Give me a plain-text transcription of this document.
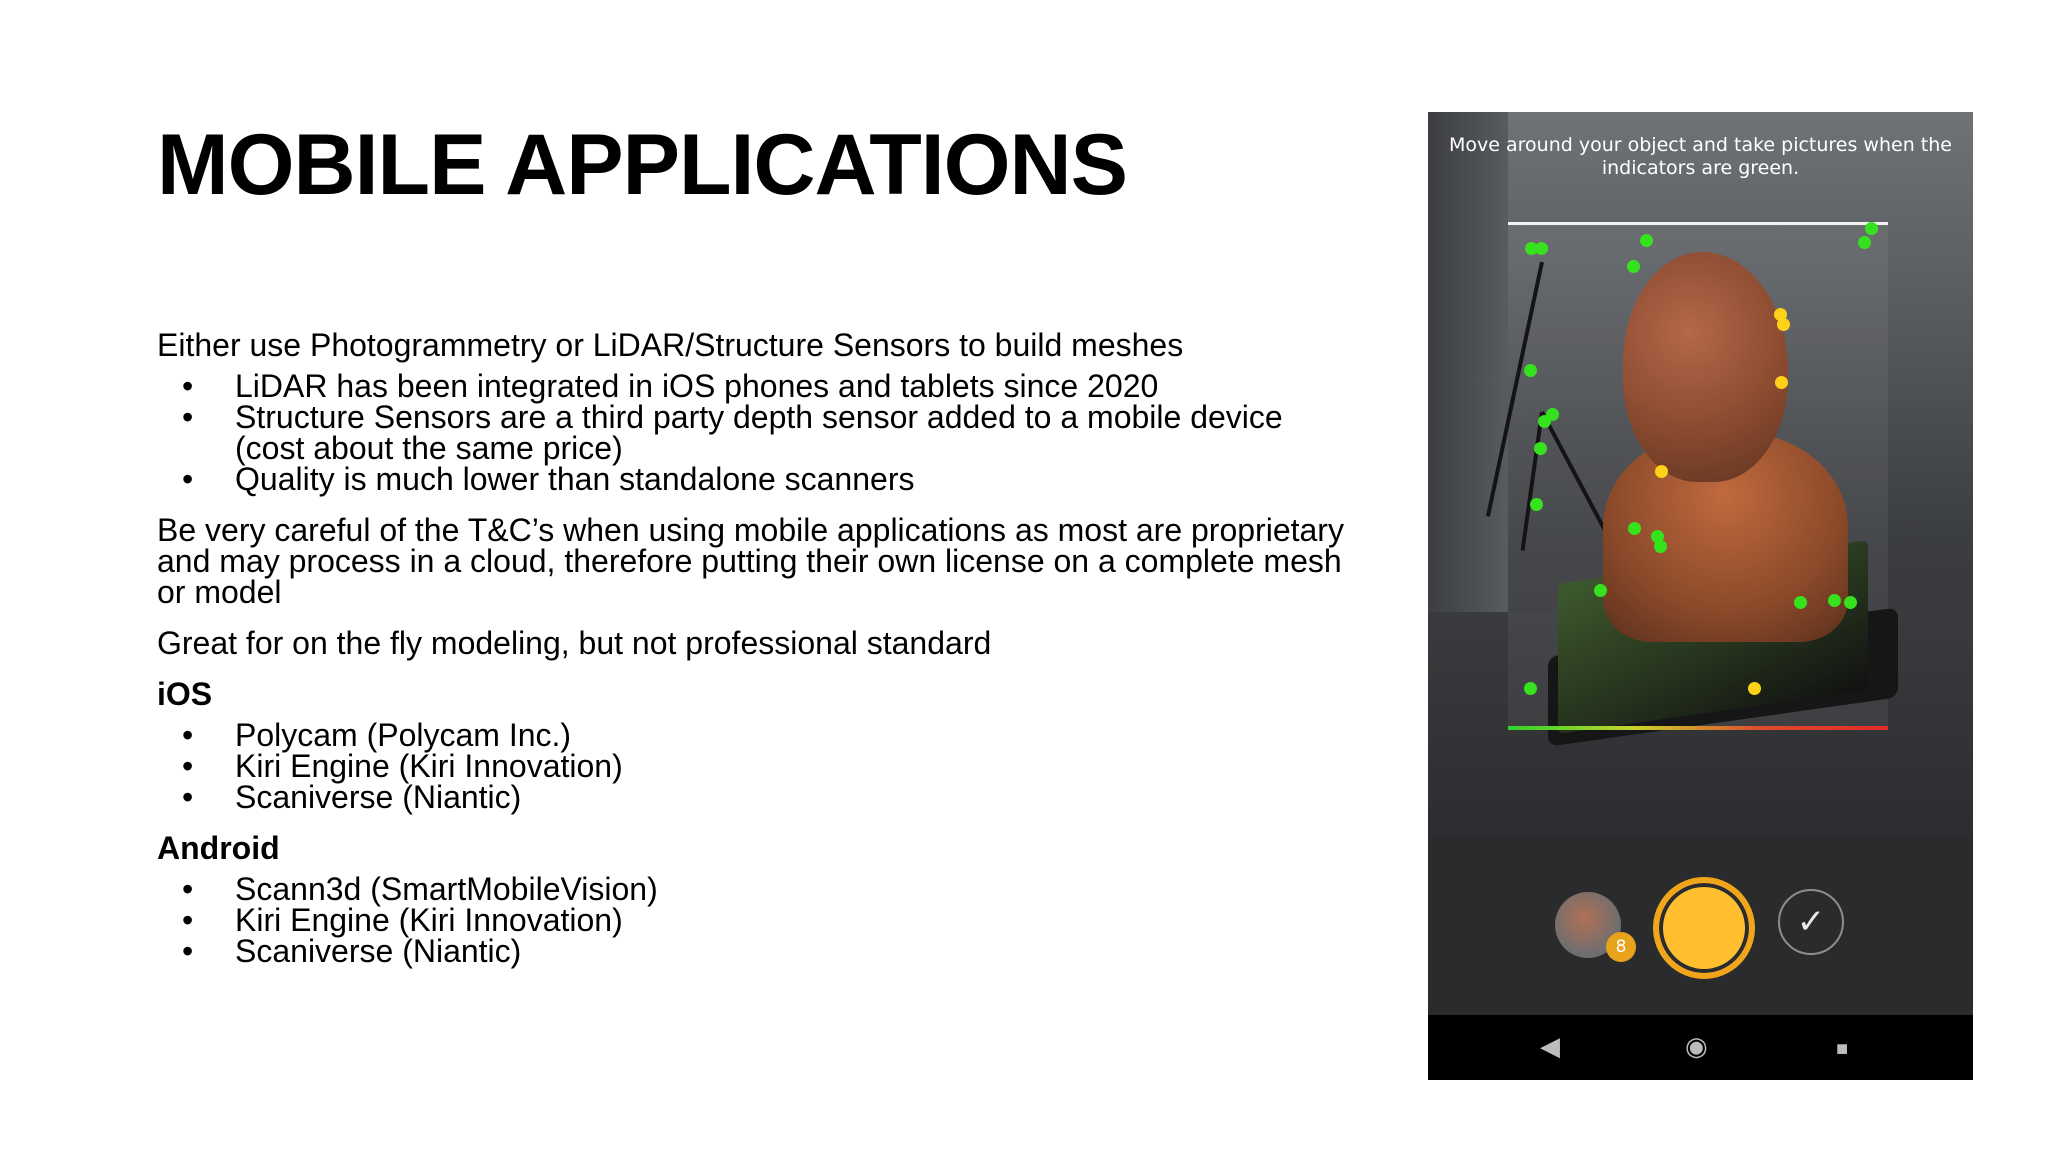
MOBILE APPLICATIONS

Either use Photogrammetry or LiDAR/Structure Sensors to build meshes

• LiDAR has been integrated in iOS phones and tablets since 2020
• Structure Sensors are a third party depth sensor added to a mobile device (cost about the same price)
• Quality is much lower than standalone scanners

Be very careful of the T&C’s when using mobile applications as most are proprietary and may process in a cloud, therefore putting their own license on a complete mesh or model

Great for on the fly modeling, but not professional standard

iOS

• Polycam (Polycam Inc.)
• Kiri Engine (Kiri Innovation)
• Scaniverse (Niantic)

Android

• Scann3d (SmartMobileVision)
• Kiri Engine (Kiri Innovation)
• Scaniverse (Niantic)
Move around your object and take pictures when the indicators are green.
8
✓
◀	◉	■
